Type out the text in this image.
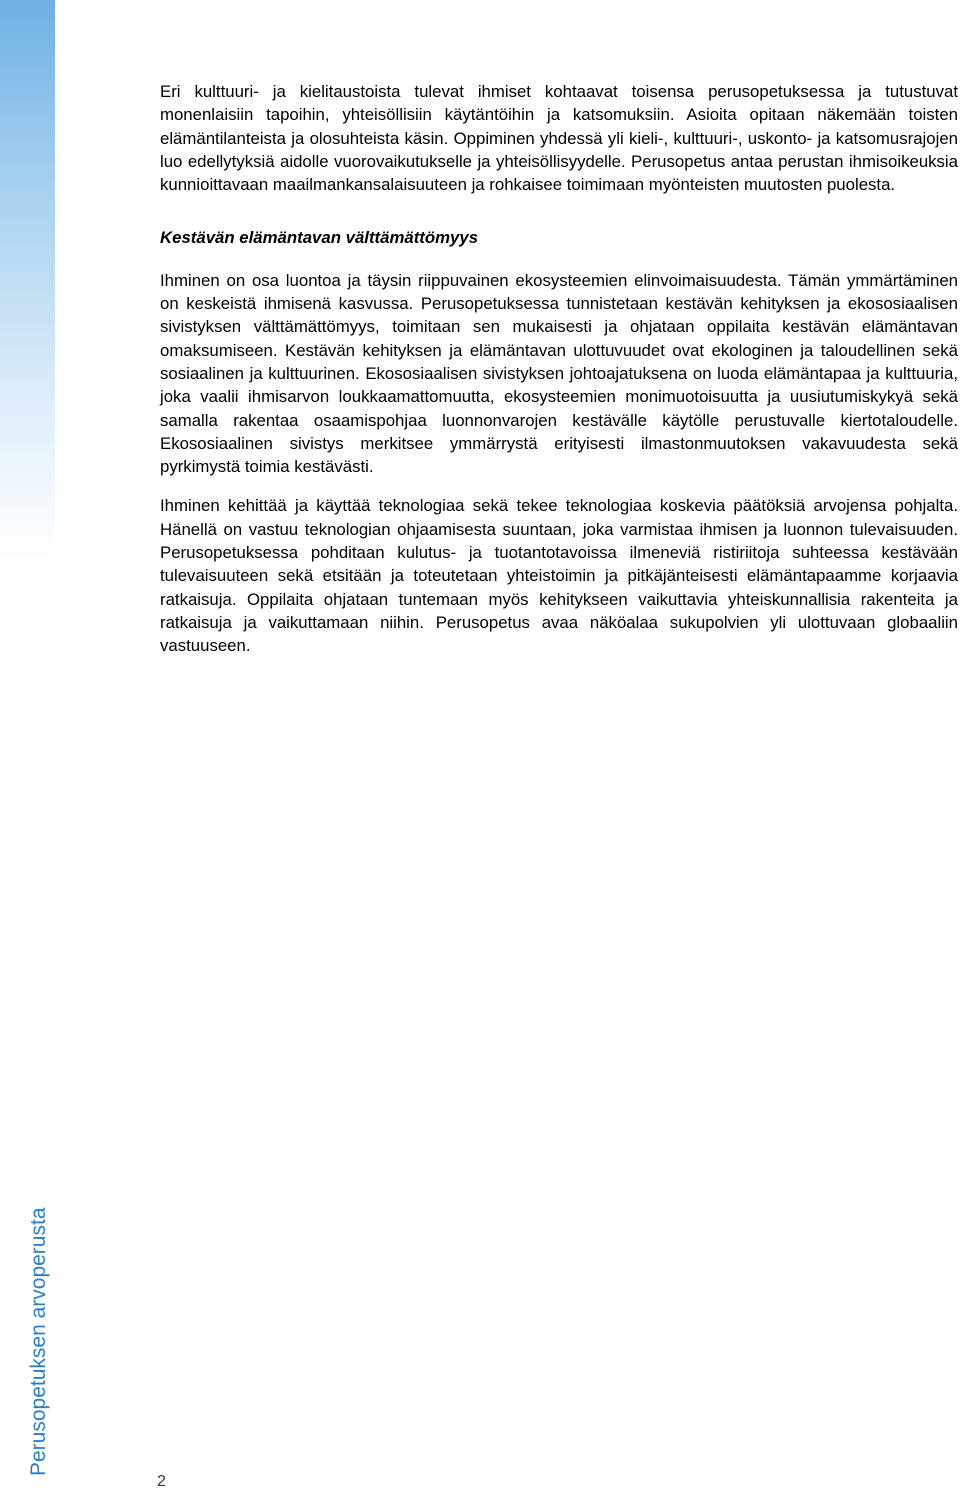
Perusopetuksen arvoperusta

Eri kulttuuri- ja kielitaustoista tulevat ihmiset kohtaavat toisensa perusopetuksessa ja tutustuvat monenlaisiin tapoihin, yhteisöllisiin käytäntöihin ja katsomuksiin. Asioita opitaan näkemään toisten elämäntilanteista ja olosuhteista käsin. Oppiminen yhdessä yli kieli-, kulttuuri-, uskonto- ja katsomusrajojen luo edellytyksiä aidolle vuorovaikutukselle ja yhteisöllisyydelle. Perusopetus antaa perustan ihmisoikeuksia kunnioittavaan maailmankansalaisuuteen ja rohkaisee toimimaan myönteisten muutosten puolesta.

Kestävän elämäntavan välttämättömyys

Ihminen on osa luontoa ja täysin riippuvainen ekosysteemien elinvoimaisuudesta. Tämän ymmärtäminen on keskeistä ihmisenä kasvussa. Perusopetuksessa tunnistetaan kestävän kehityksen ja ekososiaalisen sivistyksen välttämättömyys, toimitaan sen mukaisesti ja ohjataan oppilaita kestävän elämäntavan omaksumiseen. Kestävän kehityksen ja elämäntavan ulottuvuudet ovat ekologinen ja taloudellinen sekä sosiaalinen ja kulttuurinen. Ekososiaalisen sivistyksen johtoajatuksena on luoda elämäntapaa ja kulttuuria, joka vaalii ihmisarvon loukkaamattomuutta, ekosysteemien monimuotoisuutta ja uusiutumiskykyä sekä samalla rakentaa osaamispohjaa luonnonvarojen kestävälle käytölle perustuvalle kiertotaloudelle. Ekososiaalinen sivistys merkitsee ymmärrystä erityisesti ilmastonmuutoksen vakavuudesta sekä pyrkimystä toimia kestävästi.

Ihminen kehittää ja käyttää teknologiaa sekä tekee teknologiaa koskevia päätöksiä arvojensa pohjalta. Hänellä on vastuu teknologian ohjaamisesta suuntaan, joka varmistaa ihmisen ja luonnon tulevaisuuden. Perusopetuksessa pohditaan kulutus- ja tuotantotavoissa ilmeneviä ristiriitoja suhteessa kestävään tulevaisuuteen sekä etsitään ja toteutetaan yhteistoimin ja pitkäjänteisesti elämäntapaamme korjaavia ratkaisuja. Oppilaita ohjataan tuntemaan myös kehitykseen vaikuttavia yhteiskunnallisia rakenteita ja ratkaisuja ja vaikuttamaan niihin. Perusopetus avaa näköalaa sukupolvien yli ulottuvaan globaaliin vastuuseen.

2
